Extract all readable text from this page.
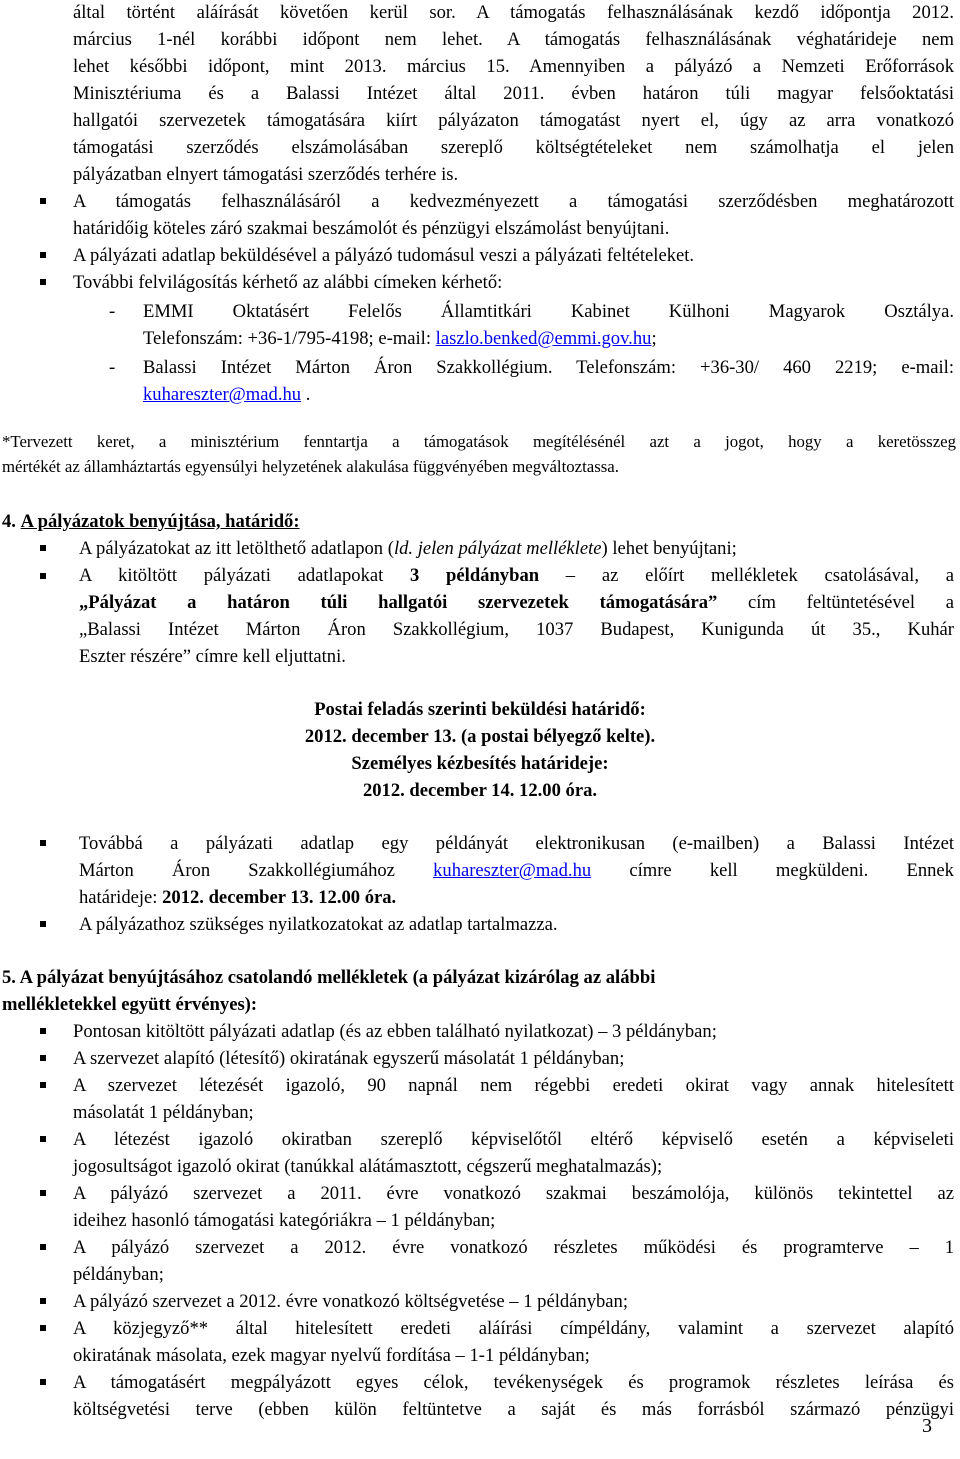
által történt aláírását követően kerül sor. A támogatás felhasználásának kezdő időpontja 2012.

március 1-nél korábbi időpont nem lehet. A támogatás felhasználásának véghatárideje nem

lehet későbbi időpont, mint 2013. március 15. Amennyiben a pályázó a Nemzeti Erőforrások

Minisztériuma és a Balassi Intézet által 2011. évben határon túli magyar felsőoktatási

hallgatói szervezetek támogatására kiírt pályázaton támogatást nyert el, úgy az arra vonatkozó

támogatási szerződés elszámolásában szereplő költségtételeket nem számolhatja el jelen

pályázatban elnyert támogatási szerződés terhére is.

A támogatás felhasználásáról a kedvezményezett a támogatási szerződésben meghatározott

határidőig köteles záró szakmai beszámolót és pénzügyi elszámolást benyújtani.

A pályázati adatlap beküldésével a pályázó tudomásul veszi a pályázati feltételeket.

További felvilágosítás kérhető az alábbi címeken kérhető:

- EMMI Oktatásért Felelős Államtitkári Kabinet Külhoni Magyarok Osztálya.

Telefonszám: +36-1/795-4198; e-mail: laszlo.benked@emmi.gov.hu;

- Balassi Intézet Márton Áron Szakkollégium. Telefonszám: +36-30/ 460 2219; e-mail:

kuhareszter@mad.hu .

*Tervezett keret, a minisztérium fenntartja a támogatások megítélésénél azt a jogot, hogy a keretösszeg

mértékét az államháztartás egyensúlyi helyzetének alakulása függvényében megváltoztassa.

4. A pályázatok benyújtása, határidő:

A pályázatokat az itt letölthető adatlapon (ld. jelen pályázat melléklete) lehet benyújtani;

A kitöltött pályázati adatlapokat 3 példányban – az előírt mellékletek csatolásával, a

„Pályázat a határon túli hallgatói szervezetek támogatására” cím feltüntetésével a

„Balassi Intézet Márton Áron Szakkollégium, 1037 Budapest, Kunigunda út 35., Kuhár

Eszter részére” címre kell eljuttatni.

Postai feladás szerinti beküldési határidő:

2012. december 13. (a postai bélyegző kelte).

Személyes kézbesítés határideje:

2012. december 14. 12.00 óra.

Továbbá a pályázati adatlap egy példányát elektronikusan (e-mailben) a Balassi Intézet

Márton Áron Szakkollégiumához kuhareszter@mad.hu címre kell megküldeni. Ennek

határideje: 2012. december 13. 12.00 óra.

A pályázathoz szükséges nyilatkozatokat az adatlap tartalmazza.

5. A pályázat benyújtásához csatolandó mellékletek (a pályázat kizárólag az alábbi

mellékletekkel együtt érvényes):

Pontosan kitöltött pályázati adatlap (és az ebben található nyilatkozat) – 3 példányban;

A szervezet alapító (létesítő) okiratának egyszerű másolatát 1 példányban;

A szervezet létezését igazoló, 90 napnál nem régebbi eredeti okirat vagy annak hitelesített

másolatát 1 példányban;

A létezést igazoló okiratban szereplő képviselőtől eltérő képviselő esetén a képviseleti

jogosultságot igazoló okirat (tanúkkal alátámasztott, cégszerű meghatalmazás);

A pályázó szervezet a 2011. évre vonatkozó szakmai beszámolója, különös tekintettel az

ideihez hasonló támogatási kategóriákra – 1 példányban;

A pályázó szervezet a 2012. évre vonatkozó részletes működési és programterve – 1

példányban;

A pályázó szervezet a 2012. évre vonatkozó költségvetése – 1 példányban;

A közjegyző** által hitelesített eredeti aláírási címpéldány, valamint a szervezet alapító

okiratának másolata, ezek magyar nyelvű fordítása – 1-1 példányban;

A támogatásért megpályázott egyes célok, tevékenységek és programok részletes leírása és

költségvetési terve (ebben külön feltüntetve a saját és más forrásból származó pénzügyi

3
